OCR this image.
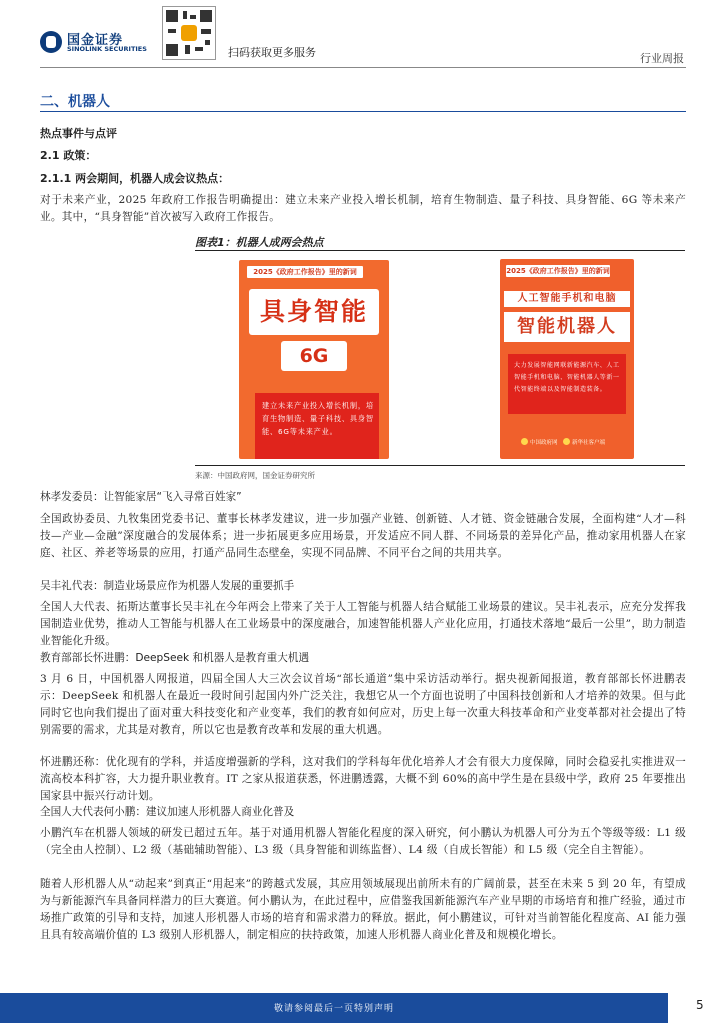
国金证券
SINOLINK SECURITIES	扫码获取更多服务	行业周报
二、机器人
热点事件与点评
2.1 政策：
2.1.1 两会期间，机器人成会议热点：
对于未来产业，2025 年政府工作报告明确提出：建立未来产业投入增长机制，培育生物制造、量子科技、具身智能、6G 等未来产业。其中，“具身智能”首次被写入政府工作报告。
图表1：机器人成两会热点
2025《政府工作报告》里的新词
具身智能
6G
建立未来产业投入增长机制，培育生物制造、量子科技、具身智能、6G等未来产业。
2025《政府工作报告》里的新词
人工智能手机和电脑
智能机器人
大力发展智能网联新能源汽车、人工智能手机和电脑、智能机器人等新一代智能终端以及智能制造装备。
中国政府网	新华社客户端
来源：中国政府网，国金证券研究所
林孝发委员：让智能家居“飞入寻常百姓家”
全国政协委员、九牧集团党委书记、董事长林孝发建议，进一步加强产业链、创新链、人才链、资金链融合发展，全面构建“人才—科技—产业—金融”深度融合的发展体系；进一步拓展更多应用场景，开发适应不同人群、不同场景的差异化产品，推动家用机器人在家庭、社区、养老等场景的应用，打通产品同生态壁垒，实现不同品牌、不同平台之间的共用共享。
吴丰礼代表：制造业场景应作为机器人发展的重要抓手
全国人大代表、拓斯达董事长吴丰礼在今年两会上带来了关于人工智能与机器人结合赋能工业场景的建议。吴丰礼表示，应充分发挥我国制造业优势，推动人工智能与机器人在工业场景中的深度融合，加速智能机器人产业化应用，打通技术落地“最后一公里”，助力制造业智能化升级。
教育部部长怀进鹏：DeepSeek 和机器人是教育重大机遇
3 月 6 日，中国机器人网报道，四届全国人大三次会议首场“部长通道”集中采访活动举行。据央视新闻报道，教育部部长怀进鹏表示：DeepSeek 和机器人在最近一段时间引起国内外广泛关注，我想它从一个方面也说明了中国科技创新和人才培养的效果。但与此同时它也向我们提出了面对重大科技变化和产业变革，我们的教育如何应对，历史上每一次重大科技革命和产业变革都对社会提出了特别需要的需求，尤其是对教育，所以它也是教育改革和发展的重大机遇。
怀进鹏还称：优化现有的学科，并适度增强新的学科，这对我们的学科每年优化培养人才会有很大力度保障，同时会稳妥扎实推进双一流高校本科扩容，大力提升职业教育。IT 之家从报道获悉，怀进鹏透露，大概不到 60%的高中学生是在县级中学，政府 25 年要推出国家县中振兴行动计划。
全国人大代表何小鹏：建议加速人形机器人商业化普及
小鹏汽车在机器人领域的研发已超过五年。基于对通用机器人智能化程度的深入研究，何小鹏认为机器人可分为五个等级等级：L1 级（完全由人控制）、L2 级（基础辅助智能）、L3 级（具身智能和训练监督）、L4 级（自成长智能）和 L5 级（完全自主智能）。
随着人形机器人从“动起来”到真正“用起来”的跨越式发展，其应用领域展现出前所未有的广阔前景，甚至在未来 5 到 20 年，有望成为与新能源汽车具备同样潜力的巨大赛道。何小鹏认为，在此过程中，应借鉴我国新能源汽车产业早期的市场培育和推广经验，通过市场推广政策的引导和支持，加速人形机器人市场的培育和需求潜力的释放。据此，何小鹏建议，可针对当前智能化程度高、AI 能力强且具有较高端价值的 L3 级别人形机器人，制定相应的扶持政策，加速人形机器人商业化普及和规模化增长。
敬请参阅最后一页特别声明	5
